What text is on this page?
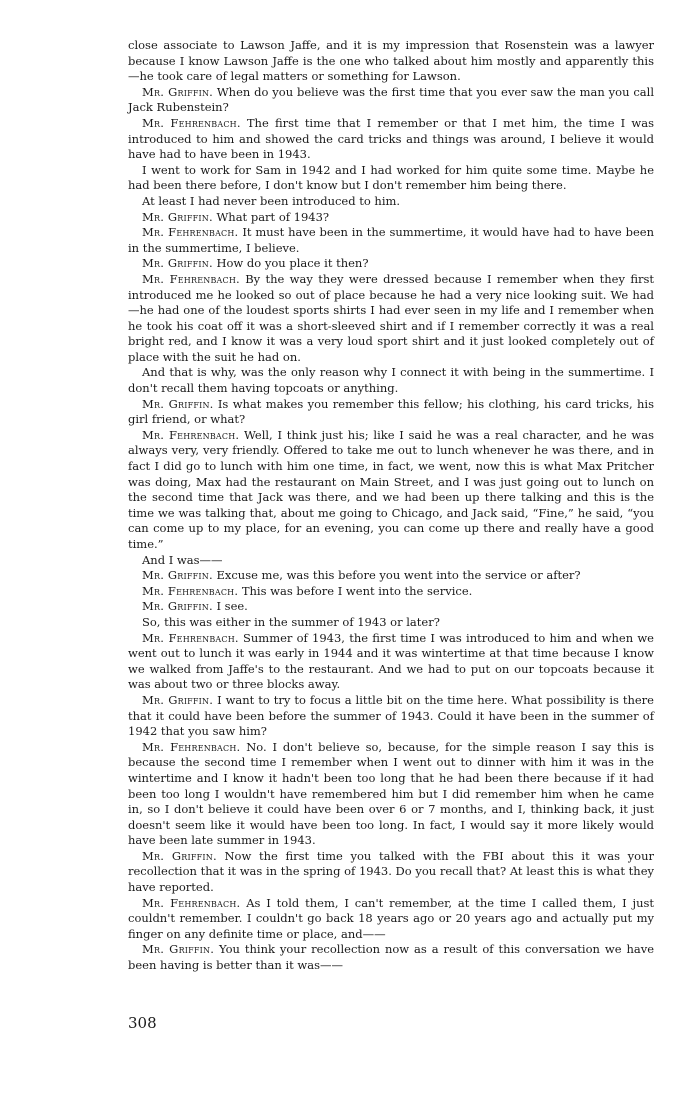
close associate to Lawson Jaffe, and it is my impression that Rosenstein was a lawyer because I know Lawson Jaffe is the one who talked about him mostly and apparently this—he took care of legal matters or something for Lawson.

Mr. Griffin. When do you believe was the first time that you ever saw the man you call Jack Rubenstein?

Mr. Fehrenbach. The first time that I remember or that I met him, the time I was introduced to him and showed the card tricks and things was around, I believe it would have had to have been in 1943.

I went to work for Sam in 1942 and I had worked for him quite some time. Maybe he had been there before, I don't know but I don't remember him being there.

At least I had never been introduced to him.

Mr. Griffin. What part of 1943?

Mr. Fehrenbach. It must have been in the summertime, it would have had to have been in the summertime, I believe.

Mr. Griffin. How do you place it then?

Mr. Fehrenbach. By the way they were dressed because I remember when they first introduced me he looked so out of place because he had a very nice looking suit. We had—he had one of the loudest sports shirts I had ever seen in my life and I remember when he took his coat off it was a short-sleeved shirt and if I remember correctly it was a real bright red, and I know it was a very loud sport shirt and it just looked completely out of place with the suit he had on.

And that is why, was the only reason why I connect it with being in the summertime. I don't recall them having topcoats or anything.

Mr. Griffin. Is what makes you remember this fellow; his clothing, his card tricks, his girl friend, or what?

Mr. Fehrenbach. Well, I think just his; like I said he was a real character, and he was always very, very friendly. Offered to take me out to lunch whenever he was there, and in fact I did go to lunch with him one time, in fact, we went, now this is what Max Pritcher was doing, Max had the restaurant on Main Street, and I was just going out to lunch on the second time that Jack was there, and we had been up there talking and this is the time we was talking that, about me going to Chicago, and Jack said, “Fine,” he said, “you can come up to my place, for an evening, you can come up there and really have a good time.”

And I was——

Mr. Griffin. Excuse me, was this before you went into the service or after?

Mr. Fehrenbach. This was before I went into the service.

Mr. Griffin. I see.

So, this was either in the summer of 1943 or later?

Mr. Fehrenbach. Summer of 1943, the first time I was introduced to him and when we went out to lunch it was early in 1944 and it was wintertime at that time because I know we walked from Jaffe's to the restaurant. And we had to put on our topcoats because it was about two or three blocks away.

Mr. Griffin. I want to try to focus a little bit on the time here. What possibility is there that it could have been before the summer of 1943. Could it have been in the summer of 1942 that you saw him?

Mr. Fehrenbach. No. I don't believe so, because, for the simple reason I say this is because the second time I remember when I went out to dinner with him it was in the wintertime and I know it hadn't been too long that he had been there because if it had been too long I wouldn't have remembered him but I did remember him when he came in, so I don't believe it could have been over 6 or 7 months, and I, thinking back, it just doesn't seem like it would have been too long. In fact, I would say it more likely would have been late summer in 1943.

Mr. Griffin. Now the first time you talked with the FBI about this it was your recollection that it was in the spring of 1943. Do you recall that? At least this is what they have reported.

Mr. Fehrenbach. As I told them, I can't remember, at the time I called them, I just couldn't remember. I couldn't go back 18 years ago or 20 years ago and actually put my finger on any definite time or place, and——

Mr. Griffin. You think your recollection now as a result of this conversation we have been having is better than it was——

308
